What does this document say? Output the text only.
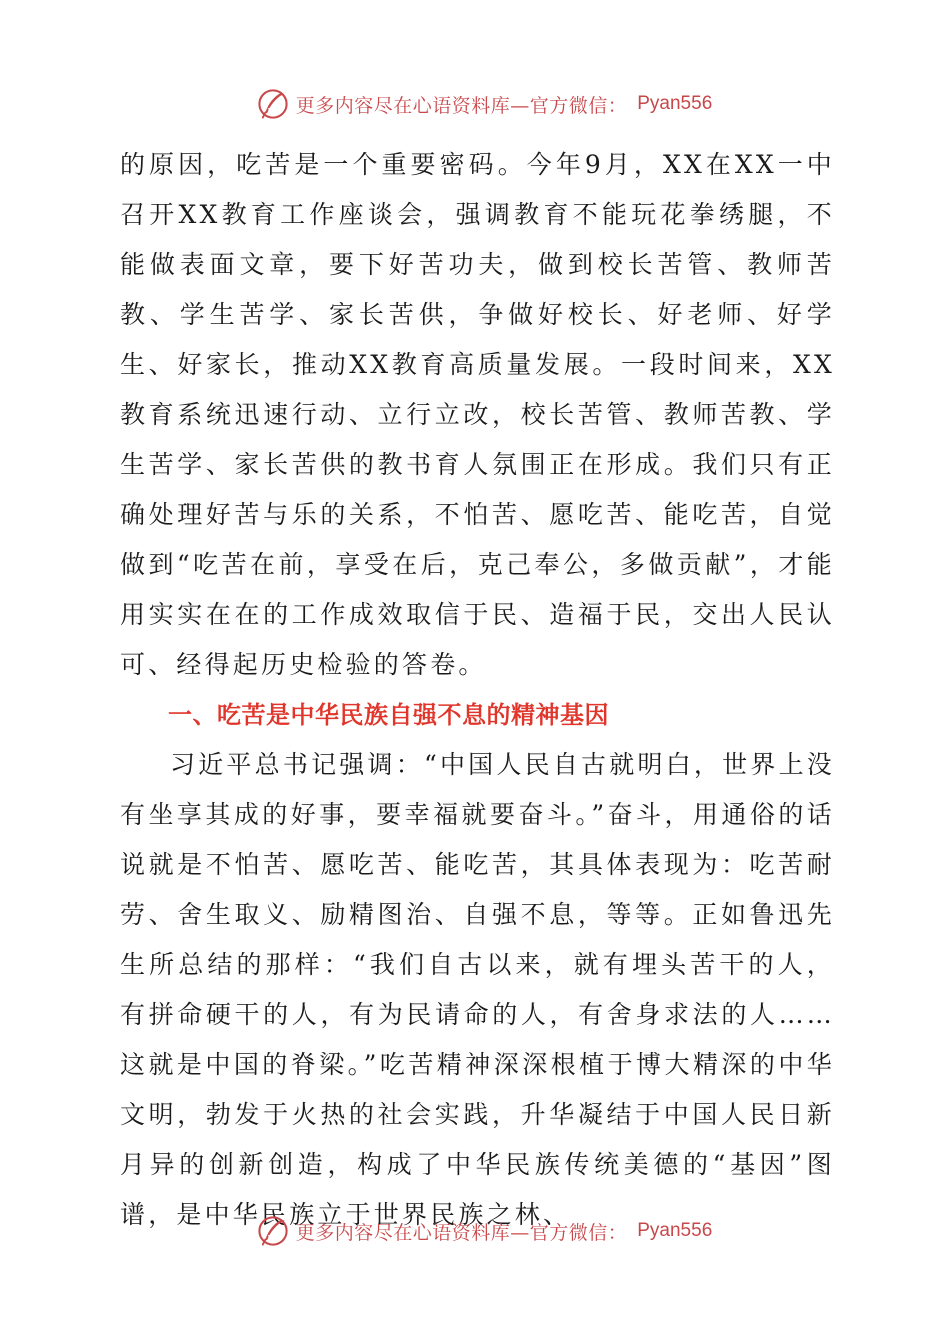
更多内容尽在心语资料库—官方微信： Pyan556

的原因，吃苦是一个重要密码。今年9月，XX在XX一中召开XX教育工作座谈会，强调教育不能玩花拳绣腿，不能做表面文章，要下好苦功夫，做到校长苦管、教师苦教、学生苦学、家长苦供，争做好校长、好老师、好学生、好家长，推动XX教育高质量发展。一段时间来，XX教育系统迅速行动、立行立改，校长苦管、教师苦教、学生苦学、家长苦供的教书育人氛围正在形成。我们只有正确处理好苦与乐的关系，不怕苦、愿吃苦、能吃苦，自觉做到“吃苦在前，享受在后，克己奉公，多做贡献”，才能用实实在在的工作成效取信于民、造福于民，交出人民认可、经得起历史检验的答卷。

一、吃苦是中华民族自强不息的精神基因

习近平总书记强调：“中国人民自古就明白，世界上没有坐享其成的好事，要幸福就要奋斗。”奋斗，用通俗的话说就是不怕苦、愿吃苦、能吃苦，其具体表现为：吃苦耐劳、舍生取义、励精图治、自强不息，等等。正如鲁迅先生所总结的那样：“我们自古以来，就有埋头苦干的人，有拼命硬干的人，有为民请命的人，有舍身求法的人……这就是中国的脊梁。”吃苦精神深深根植于博大精深的中华文明，勃发于火热的社会实践，升华凝结于中国人民日新月异的创新创造，构成了中华民族传统美德的“基因”图谱，是中华民族立于世界民族之林、

更多内容尽在心语资料库—官方微信： Pyan556
